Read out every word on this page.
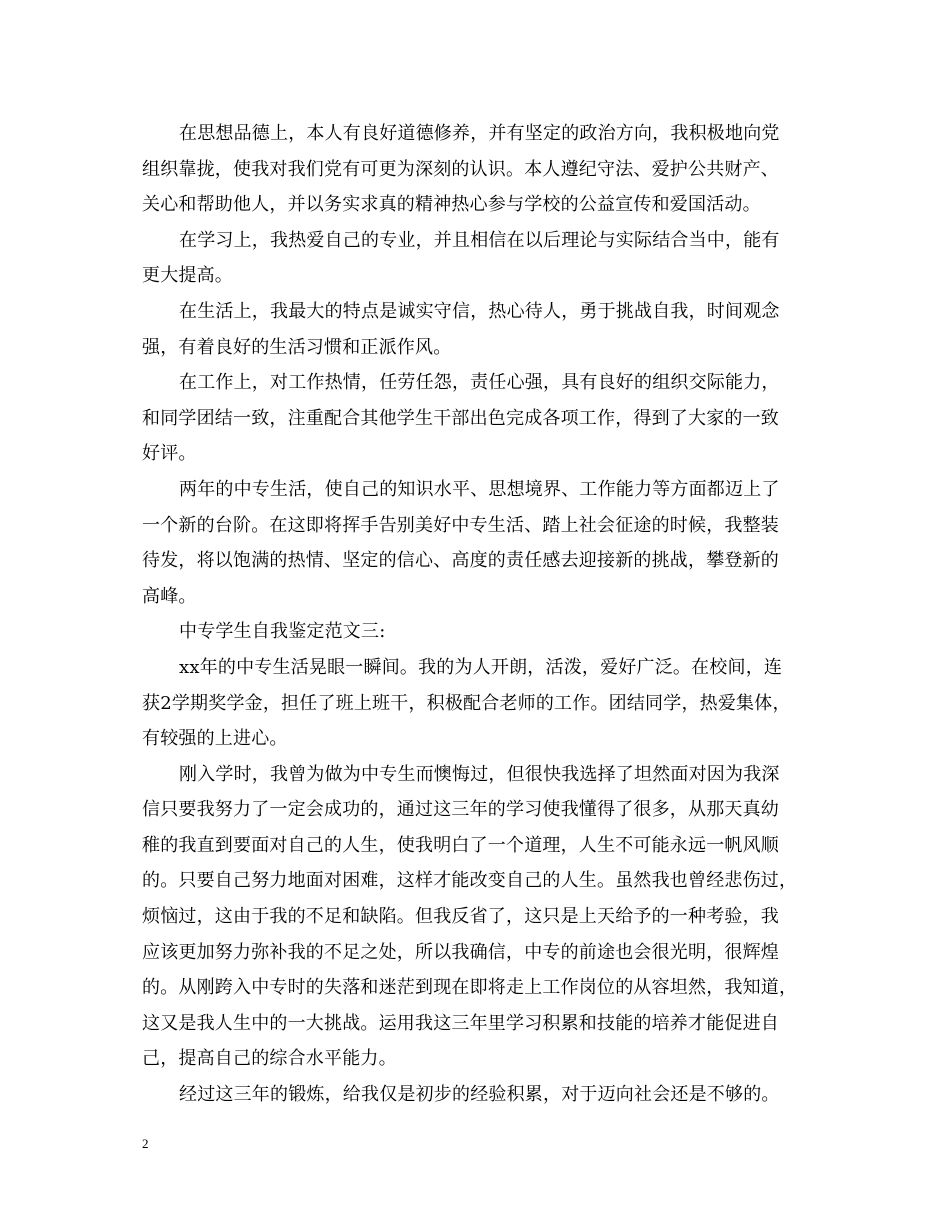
在思想品德上，本人有良好道德修养，并有坚定的政治方向，我积极地向党
组织靠拢，使我对我们党有可更为深刻的认识。本人遵纪守法、爱护公共财产、
关心和帮助他人，并以务实求真的精神热心参与学校的公益宣传和爱国活动。
在学习上，我热爱自己的专业，并且相信在以后理论与实际结合当中，能有
更大提高。
在生活上，我最大的特点是诚实守信，热心待人，勇于挑战自我，时间观念
强，有着良好的生活习惯和正派作风。
在工作上，对工作热情，任劳任怨，责任心强，具有良好的组织交际能力，
和同学团结一致，注重配合其他学生干部出色完成各项工作，得到了大家的一致
好评。
两年的中专生活，使自己的知识水平、思想境界、工作能力等方面都迈上了
一个新的台阶。在这即将挥手告别美好中专生活、踏上社会征途的时候，我整装
待发，将以饱满的热情、坚定的信心、高度的责任感去迎接新的挑战，攀登新的
高峰。
中专学生自我鉴定范文三:
xx年的中专生活晃眼一瞬间。我的为人开朗，活泼，爱好广泛。在校间，连
获2学期奖学金，担任了班上班干，积极配合老师的工作。团结同学，热爱集体，
有较强的上进心。
刚入学时，我曾为做为中专生而懊悔过，但很快我选择了坦然面对因为我深
信只要我努力了一定会成功的，通过这三年的学习使我懂得了很多，从那天真幼
稚的我直到要面对自己的人生，使我明白了一个道理，人生不可能永远一帆风顺
的。只要自己努力地面对困难，这样才能改变自己的人生。虽然我也曾经悲伤过，
烦恼过，这由于我的不足和缺陷。但我反省了，这只是上天给予的一种考验，我
应该更加努力弥补我的不足之处，所以我确信，中专的前途也会很光明，很辉煌
的。从刚跨入中专时的失落和迷茫到现在即将走上工作岗位的从容坦然，我知道，
这又是我人生中的一大挑战。运用我这三年里学习积累和技能的培养才能促进自
己，提高自己的综合水平能力。
经过这三年的锻炼，给我仅是初步的经验积累，对于迈向社会还是不够的。
2
